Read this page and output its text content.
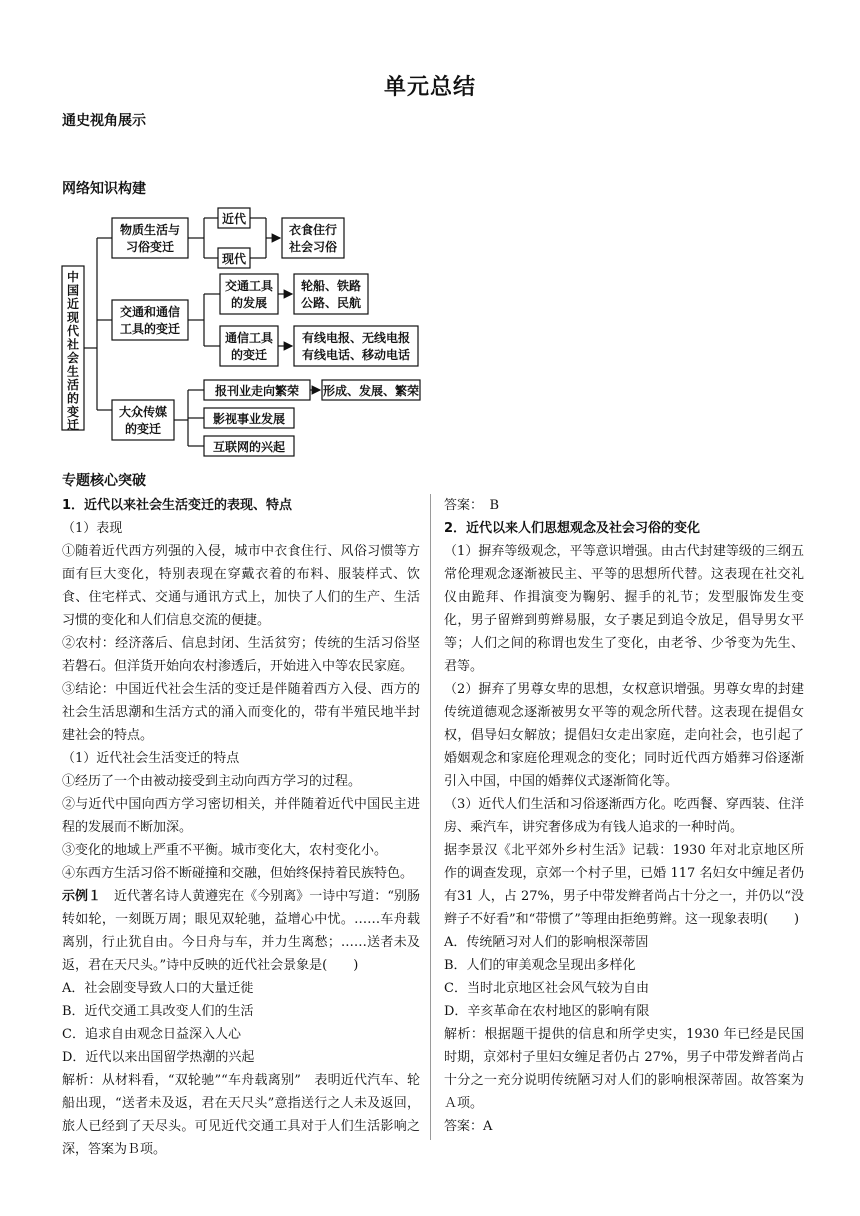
单元总结
通史视角展示
网络知识构建
中
国
近
现
代
社
会
生
活
的
变
迁
物质生活与
习俗变迁
近代
现代
衣食住行
社会习俗
交通和通信
工具的变迁
交通工具
的发展
轮船、铁路
公路、民航
通信工具
的变迁
有线电报、无线电报
有线电话、移动电话
大众传媒
的变迁
报刊业走向繁荣 形成、发展、繁荣
影视事业发展
互联网的兴起
专题核心突破

1．近代以来社会生活变迁的表现、特点

（1）表现

①随着近代西方列强的入侵，城市中衣食住行、风俗习惯等方面有巨大变化，特别表现在穿戴衣着的布料、服装样式、饮食、住宅样式、交通与通讯方式上，加快了人们的生产、生活习惯的变化和人们信息交流的便捷。

②农村：经济落后、信息封闭、生活贫穷；传统的生活习俗坚若磐石。但洋货开始向农村渗透后，开始进入中等农民家庭。

③结论：中国近代社会生活的变迁是伴随着西方入侵、西方的社会生活思潮和生活方式的涌入而变化的，带有半殖民地半封建社会的特点。

（1）近代社会生活变迁的特点

①经历了一个由被动接受到主动向西方学习的过程。

②与近代中国向西方学习密切相关，并伴随着近代中国民主进程的发展而不断加深。

③变化的地域上严重不平衡。城市变化大，农村变化小。

④东西方生活习俗不断碰撞和交融，但始终保持着民族特色。

示例１　近代著名诗人黄遵宪在《今别离》一诗中写道：“别肠转如轮，一刻既万周；眼见双轮驰，益增心中忧。……车舟载离别，行止犹自由。今日舟与车，并力生离愁；……送者未及返，君在天尺头。”诗中反映的近代社会景象是(　　)

A．社会剧变导致人口的大量迁徙

B．近代交通工具改变人们的生活

C．追求自由观念日益深入人心

D．近代以来出国留学热潮的兴起

解析：从材料看，“双轮驰”“车舟载离别”　表明近代汽车、轮船出现，“送者未及返，君在天尺头”意指送行之人未及返回，旅人已经到了天尽头。可见近代交通工具对于人们生活影响之深，答案为Ｂ项。

答案：　B

2．近代以来人们思想观念及社会习俗的变化

（1）摒弃等级观念，平等意识增强。由古代封建等级的三纲五常伦理观念逐渐被民主、平等的思想所代替。这表现在社交礼仪由跪拜、作揖演变为鞠躬、握手的礼节；发型服饰发生变化，男子留辫到剪辫易服，女子裹足到追令放足，倡导男女平等；人们之间的称谓也发生了变化，由老爷、少爷变为先生、君等。

（2）摒弃了男尊女卑的思想，女权意识增强。男尊女卑的封建传统道德观念逐渐被男女平等的观念所代替。这表现在提倡女权，倡导妇女解放；提倡妇女走出家庭，走向社会，也引起了婚姻观念和家庭伦理观念的变化；同时近代西方婚葬习俗逐渐引入中国，中国的婚葬仪式逐渐简化等。

（3）近代人们生活和习俗逐渐西方化。吃西餐、穿西装、住洋房、乘汽车，讲究奢侈成为有钱人追求的一种时尚。

据李景汉《北平郊外乡村生活》记载：1930 年对北京地区所作的调查发现，京郊一个村子里，已婚 117 名妇女中缠足者仍有31 人，占 27%，男子中带发辫者尚占十分之一，并仍以“没辫子不好看”和“带惯了”等理由拒绝剪辫。这一现象表明(　　)

A．传统陋习对人们的影响根深蒂固

B．人们的审美观念呈现出多样化

C．当时北京地区社会风气较为自由

D．辛亥革命在农村地区的影响有限

解析：根据题干提供的信息和所学史实，1930 年已经是民国时期，京郊村子里妇女缠足者仍占 27%，男子中带发辫者尚占十分之一充分说明传统陋习对人们的影响根深蒂固。故答案为Ａ项。

答案：A
